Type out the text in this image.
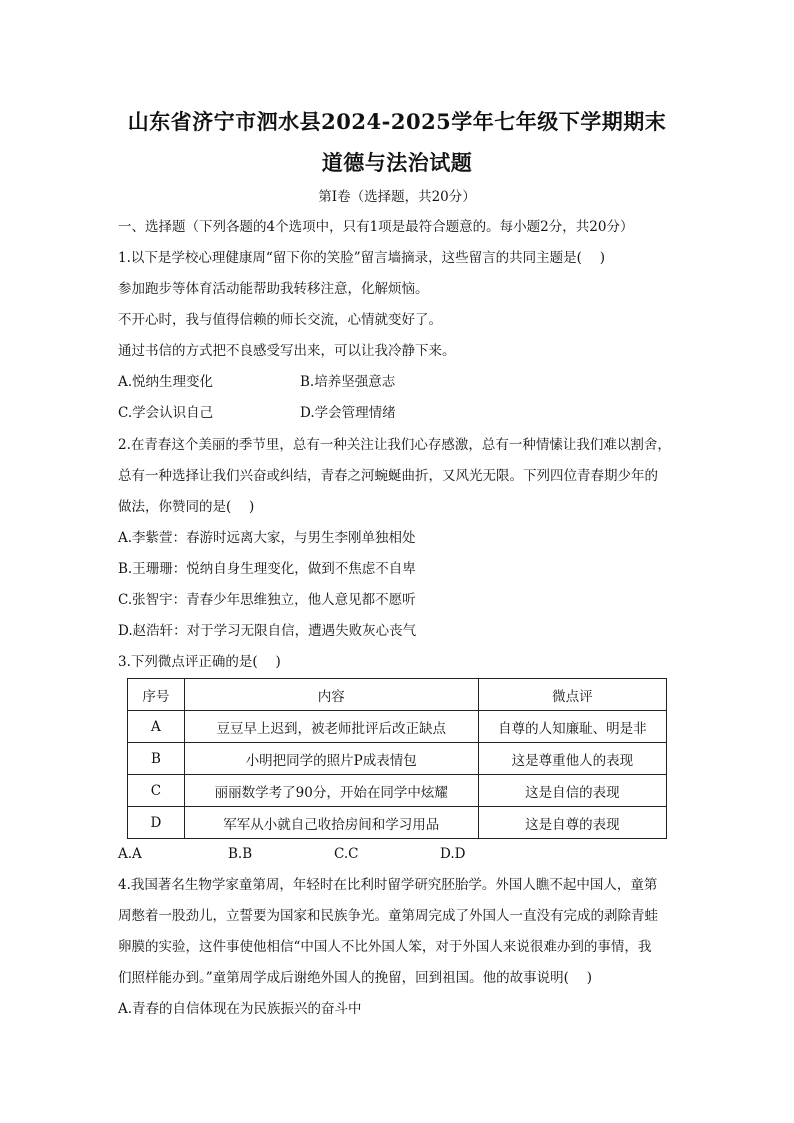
山东省济宁市泗水县2024-2025学年七年级下学期期末
道德与法治试题
第Ⅰ卷（选择题，共20分）
一、选择题（下列各题的4个选项中，只有1项是最符合题意的。每小题2分，共20分）
1.以下是学校心理健康周“留下你的笑脸”留言墙摘录，这些留言的共同主题是(　 )
参加跑步等体育活动能帮助我转移注意，化解烦恼。
不开心时，我与值得信赖的师长交流，心情就变好了。
通过书信的方式把不良感受写出来，可以让我冷静下来。
A.悦纳生理变化	B.培养坚强意志
C.学会认识自己	D.学会管理情绪
2.在青春这个美丽的季节里，总有一种关注让我们心存感激，总有一种情愫让我们难以割舍，
总有一种选择让我们兴奋或纠结，青春之河蜿蜒曲折，又风光无限。下列四位青春期少年的
做法，你赞同的是(　 )
A.李紫萱：春游时远离大家，与男生李刚单独相处
B.王珊珊：悦纳自身生理变化，做到不焦虑不自卑
C.张智宇：青春少年思维独立，他人意见都不愿听
D.赵浩轩：对于学习无限自信，遭遇失败灰心丧气
3.下列微点评正确的是(　 )
序号	内容	微点评
A	豆豆早上迟到，被老师批评后改正缺点	自尊的人知廉耻、明是非
B	小明把同学的照片P成表情包	这是尊重他人的表现
C	丽丽数学考了90分，开始在同学中炫耀	这是自信的表现
D	军军从小就自己收拾房间和学习用品	这是自尊的表现
A.A	B.B	C.C	D.D
4.我国著名生物学家童第周，年轻时在比利时留学研究胚胎学。外国人瞧不起中国人，童第
周憋着一股劲儿，立誓要为国家和民族争光。童第周完成了外国人一直没有完成的剥除青蛙
卵膜的实验，这件事使他相信“中国人不比外国人笨，对于外国人来说很难办到的事情，我
们照样能办到。”童第周学成后谢绝外国人的挽留，回到祖国。他的故事说明(　 )
A.青春的自信体现在为民族振兴的奋斗中
